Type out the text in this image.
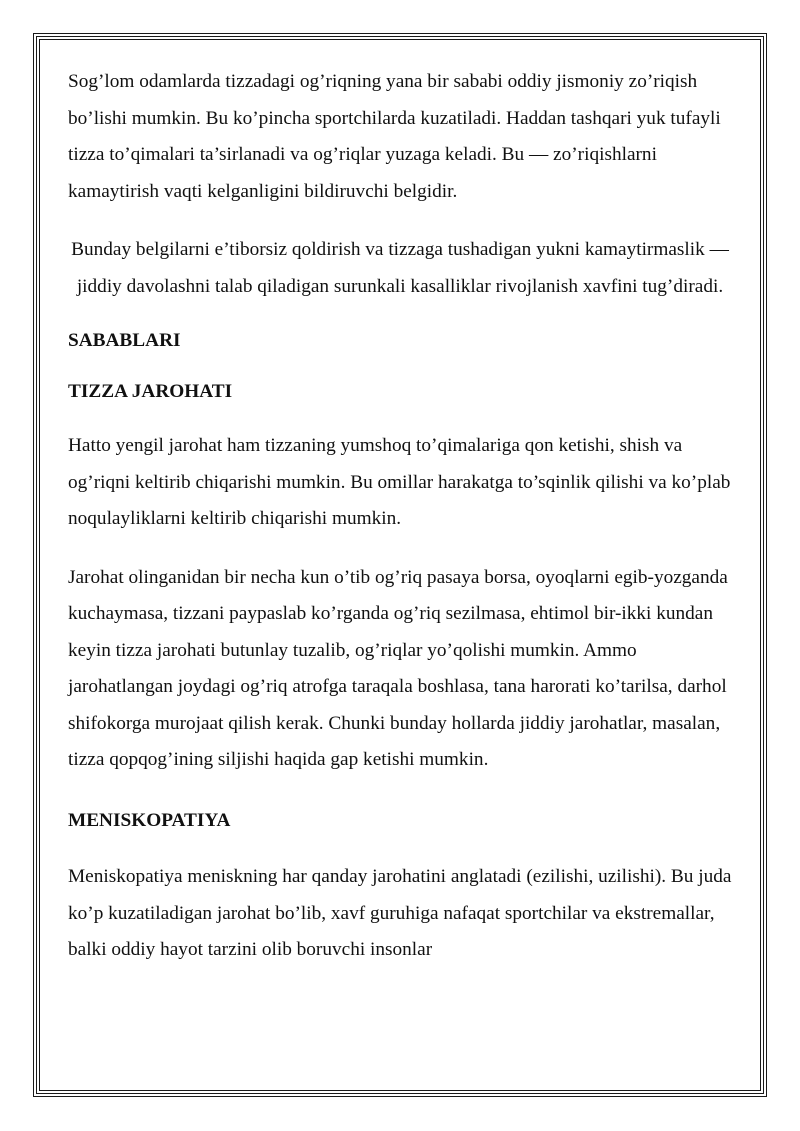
Sog’lom odamlarda tizzadagi og’riqning yana bir sababi oddiy jismoniy zo’riqish bo’lishi mumkin. Bu ko’pincha sportchilarda kuzatiladi. Haddan tashqari yuk tufayli tizza to’qimalari ta’sirlanadi va og’riqlar yuzaga keladi. Bu — zo’riqishlarni kamaytirish vaqti kelganligini bildiruvchi belgidir.

Bunday belgilarni e’tiborsiz qoldirish va tizzaga tushadigan yukni kamaytirmaslik — jiddiy davolashni talab qiladigan surunkali kasalliklar rivojlanish xavfini tug’diradi.

SABABLARI
TIZZA JAROHATI

Hatto yengil jarohat ham tizzaning yumshoq to’qimalariga qon ketishi, shish va og’riqni keltirib chiqarishi mumkin. Bu omillar harakatga to’sqinlik qilishi va ko’plab noqulayliklarni keltirib chiqarishi mumkin.

Jarohat olinganidan bir necha kun o’tib og’riq pasaya borsa, oyoqlarni egib-yozganda kuchaymasa, tizzani paypaslab ko’rganda og’riq sezilmasa, ehtimol bir-ikki kundan keyin tizza jarohati butunlay tuzalib, og’riqlar yo’qolishi mumkin. Ammo jarohatlangan joydagi og’riq atrofga taraqala boshlasa, tana harorati ko’tarilsa, darhol shifokorga murojaat qilish kerak. Chunki bunday hollarda jiddiy jarohatlar, masalan, tizza qopqog’ining siljishi haqida gap ketishi mumkin.

MENISKOPATIYA

Meniskopatiya meniskning har qanday jarohatini anglatadi (ezilishi, uzilishi). Bu juda ko’p kuzatiladigan jarohat bo’lib, xavf guruhiga nafaqat sportchilar va ekstremallar, balki oddiy hayot tarzini olib boruvchi insonlar
